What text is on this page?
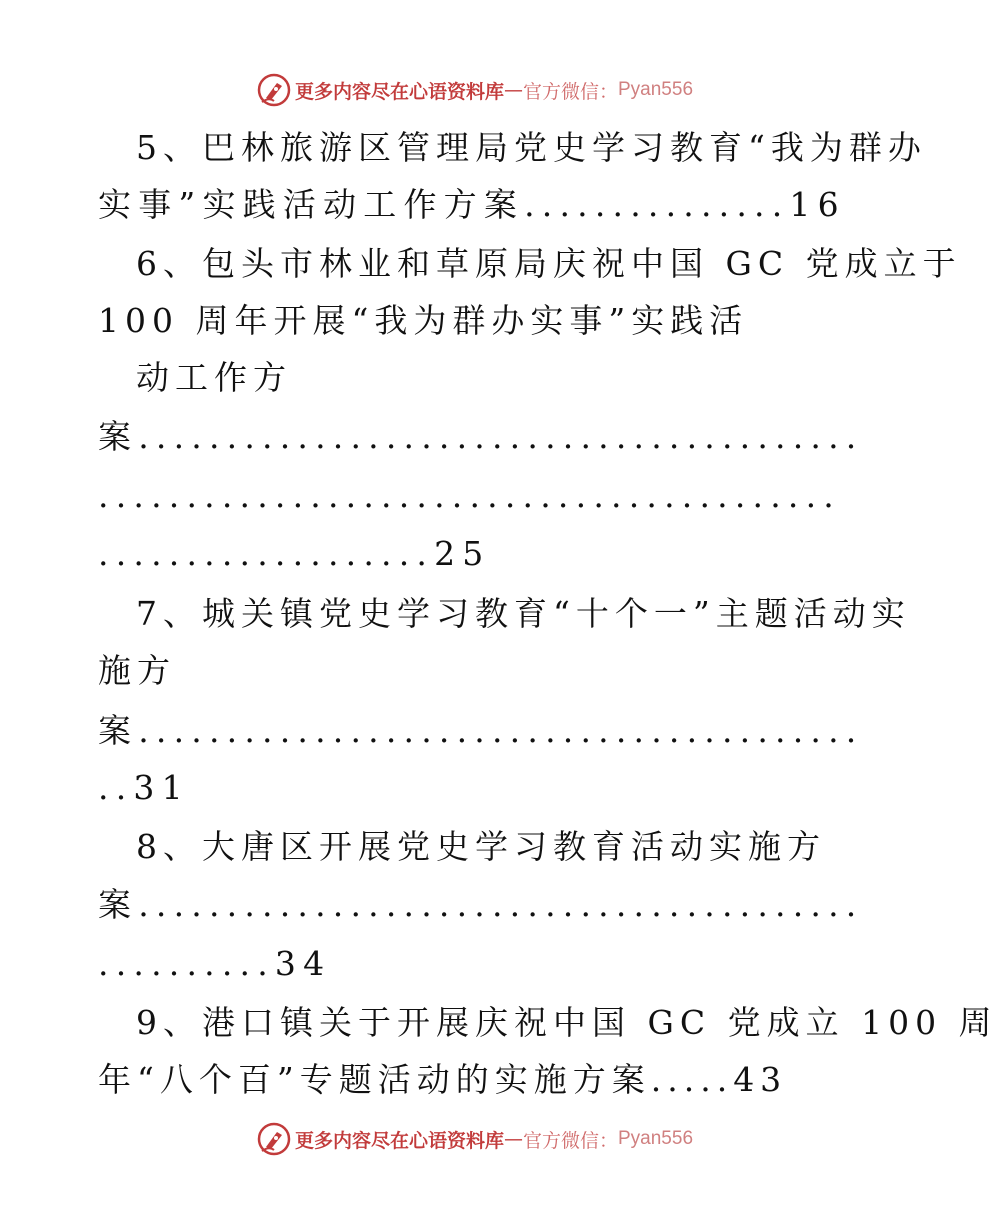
更多内容尽在心语资料库 — 官方微信： Pyan556
5、巴林旅游区管理局党史学习教育“我为群办
实事”实践活动工作方案...............16
6、包头市林业和草原局庆祝中国 GC 党成立于
100 周年开展“我为群办实事”实践活
动工作方
案.........................................
..........................................
...................25
7、城关镇党史学习教育“十个一”主题活动实
施方
案.........................................
..31
8、大唐区开展党史学习教育活动实施方
案.........................................
..........34
9、港口镇关于开展庆祝中国 GC 党成立 100 周
年“八个百”专题活动的实施方案.....43
更多内容尽在心语资料库 — 官方微信： Pyan556
